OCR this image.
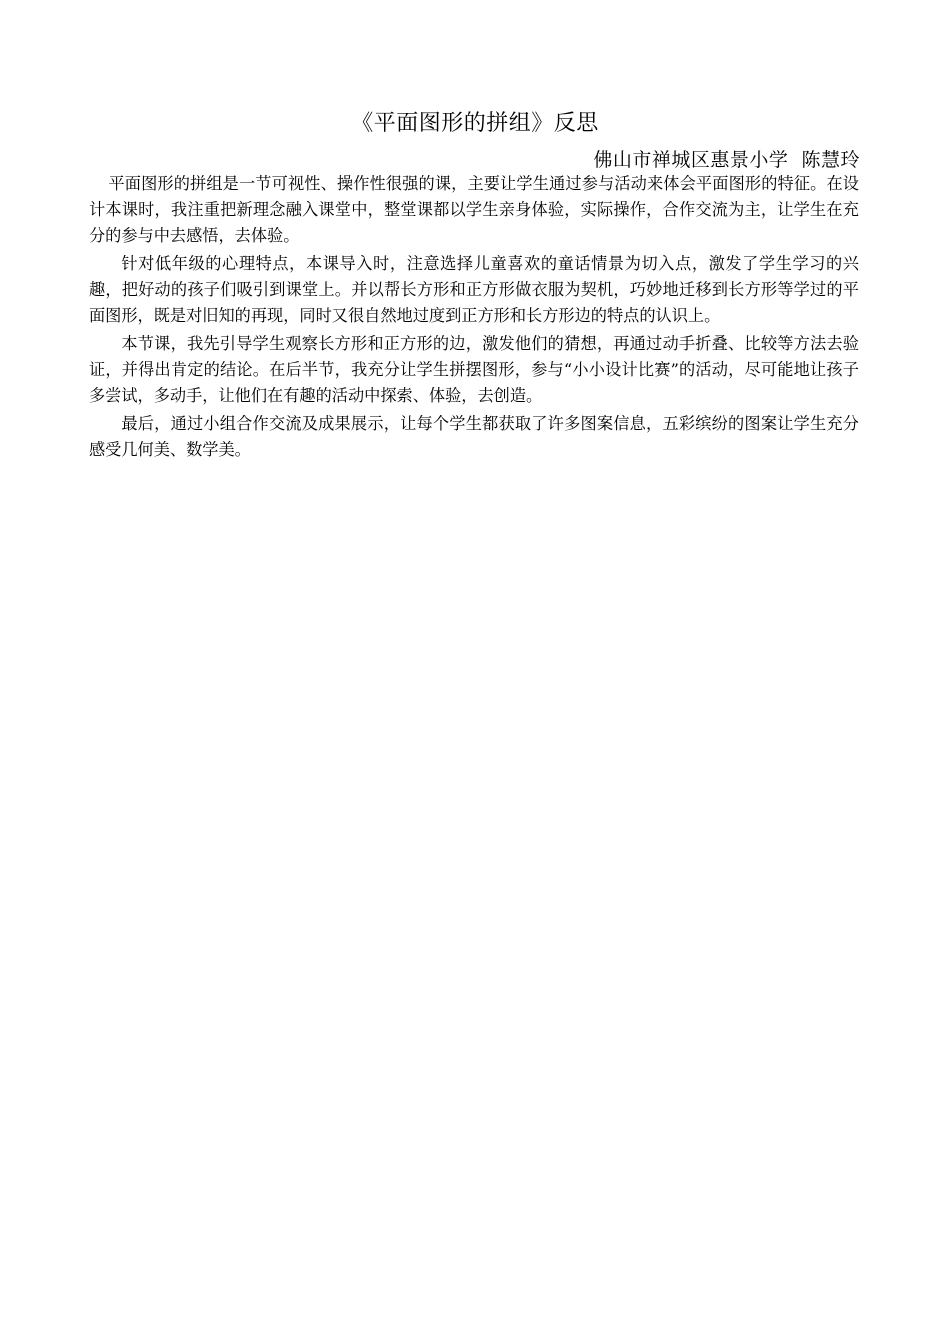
《平面图形的拼组》反思
佛山市禅城区惠景小学  陈慧玲

平面图形的拼组是一节可视性、操作性很强的课，主要让学生通过参与活动来体会平面图形的特征。在设计本课时，我注重把新理念融入课堂中，整堂课都以学生亲身体验，实际操作，合作交流为主，让学生在充分的参与中去感悟，去体验。

针对低年级的心理特点，本课导入时，注意选择儿童喜欢的童话情景为切入点，激发了学生学习的兴趣，把好动的孩子们吸引到课堂上。并以帮长方形和正方形做衣服为契机，巧妙地迁移到长方形等学过的平面图形，既是对旧知的再现，同时又很自然地过度到正方形和长方形边的特点的认识上。

本节课，我先引导学生观察长方形和正方形的边，激发他们的猜想，再通过动手折叠、比较等方法去验证，并得出肯定的结论。在后半节，我充分让学生拼摆图形，参与“小小设计比赛”的活动，尽可能地让孩子多尝试，多动手，让他们在有趣的活动中探索、体验，去创造。

最后，通过小组合作交流及成果展示，让每个学生都获取了许多图案信息，五彩缤纷的图案让学生充分感受几何美、数学美。
